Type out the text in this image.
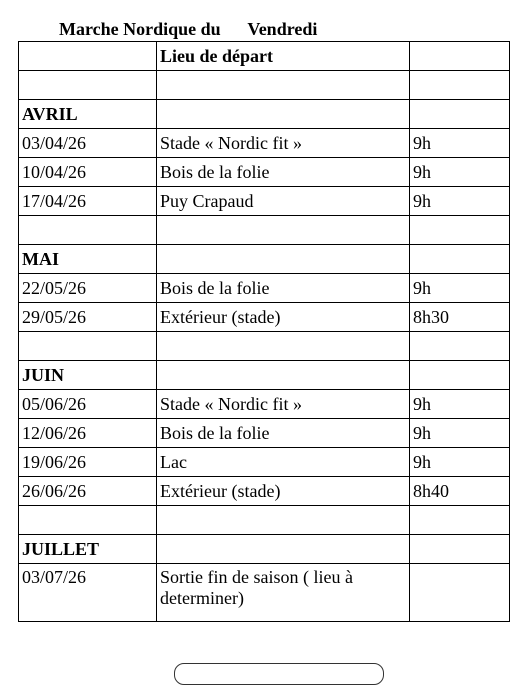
Marche Nordique du      Vendredi
	Lieu de départ	

AVRIL		
03/04/26	Stade « Nordic fit »	9h
10/04/26	Bois de la folie	9h
17/04/26	Puy Crapaud	9h

MAI		
22/05/26	Bois de la folie	9h
29/05/26	Extérieur (stade)	8h30

JUIN		
05/06/26	Stade « Nordic fit »	9h
12/06/26	Bois de la folie	9h
19/06/26	Lac	9h
26/06/26	Extérieur (stade)	8h40

JUILLET		
03/07/26	Sortie fin de saison ( lieu à determiner)	
